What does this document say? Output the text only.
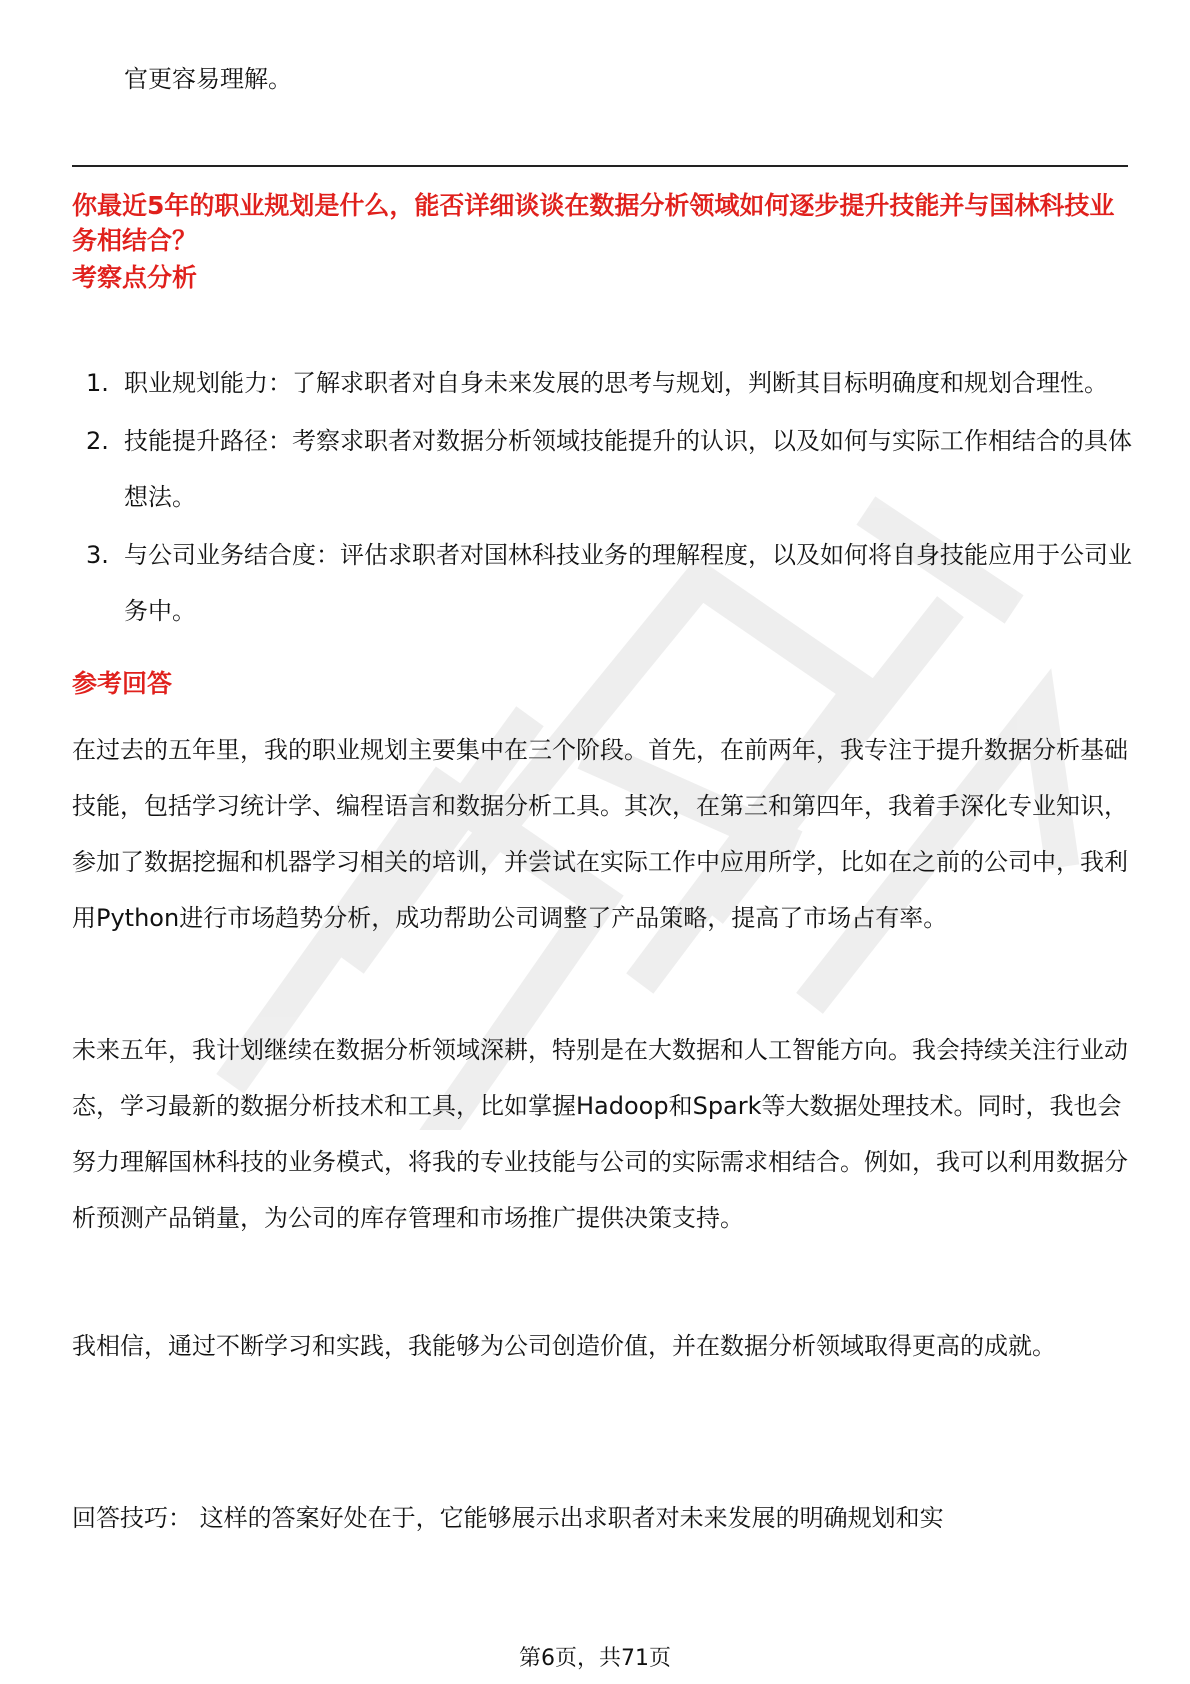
官更容易理解。
你最近5年的职业规划是什么，能否详细谈谈在数据分析领域如何逐步提升技能并与国林科技业务相结合？
考察点分析
1. 职业规划能力：了解求职者对自身未来发展的思考与规划，判断其目标明确度和规划合理性。
2. 技能提升路径：考察求职者对数据分析领域技能提升的认识，以及如何与实际工作相结合的具体想法。
3. 与公司业务结合度：评估求职者对国林科技业务的理解程度，以及如何将自身技能应用于公司业务中。
参考回答

在过去的五年里，我的职业规划主要集中在三个阶段。首先，在前两年，我专注于提升数据分析基础技能，包括学习统计学、编程语言和数据分析工具。其次，在第三和第四年，我着手深化专业知识，参加了数据挖掘和机器学习相关的培训，并尝试在实际工作中应用所学，比如在之前的公司中，我利用Python进行市场趋势分析，成功帮助公司调整了产品策略，提高了市场占有率。

未来五年，我计划继续在数据分析领域深耕，特别是在大数据和人工智能方向。我会持续关注行业动态，学习最新的数据分析技术和工具，比如掌握Hadoop和Spark等大数据处理技术。同时，我也会努力理解国林科技的业务模式，将我的专业技能与公司的实际需求相结合。例如，我可以利用数据分析预测产品销量，为公司的库存管理和市场推广提供决策支持。

我相信，通过不断学习和实践，我能够为公司创造价值，并在数据分析领域取得更高的成就。

回答技巧： 这样的答案好处在于，它能够展示出求职者对未来发展的明确规划和实

第6页，共71页
